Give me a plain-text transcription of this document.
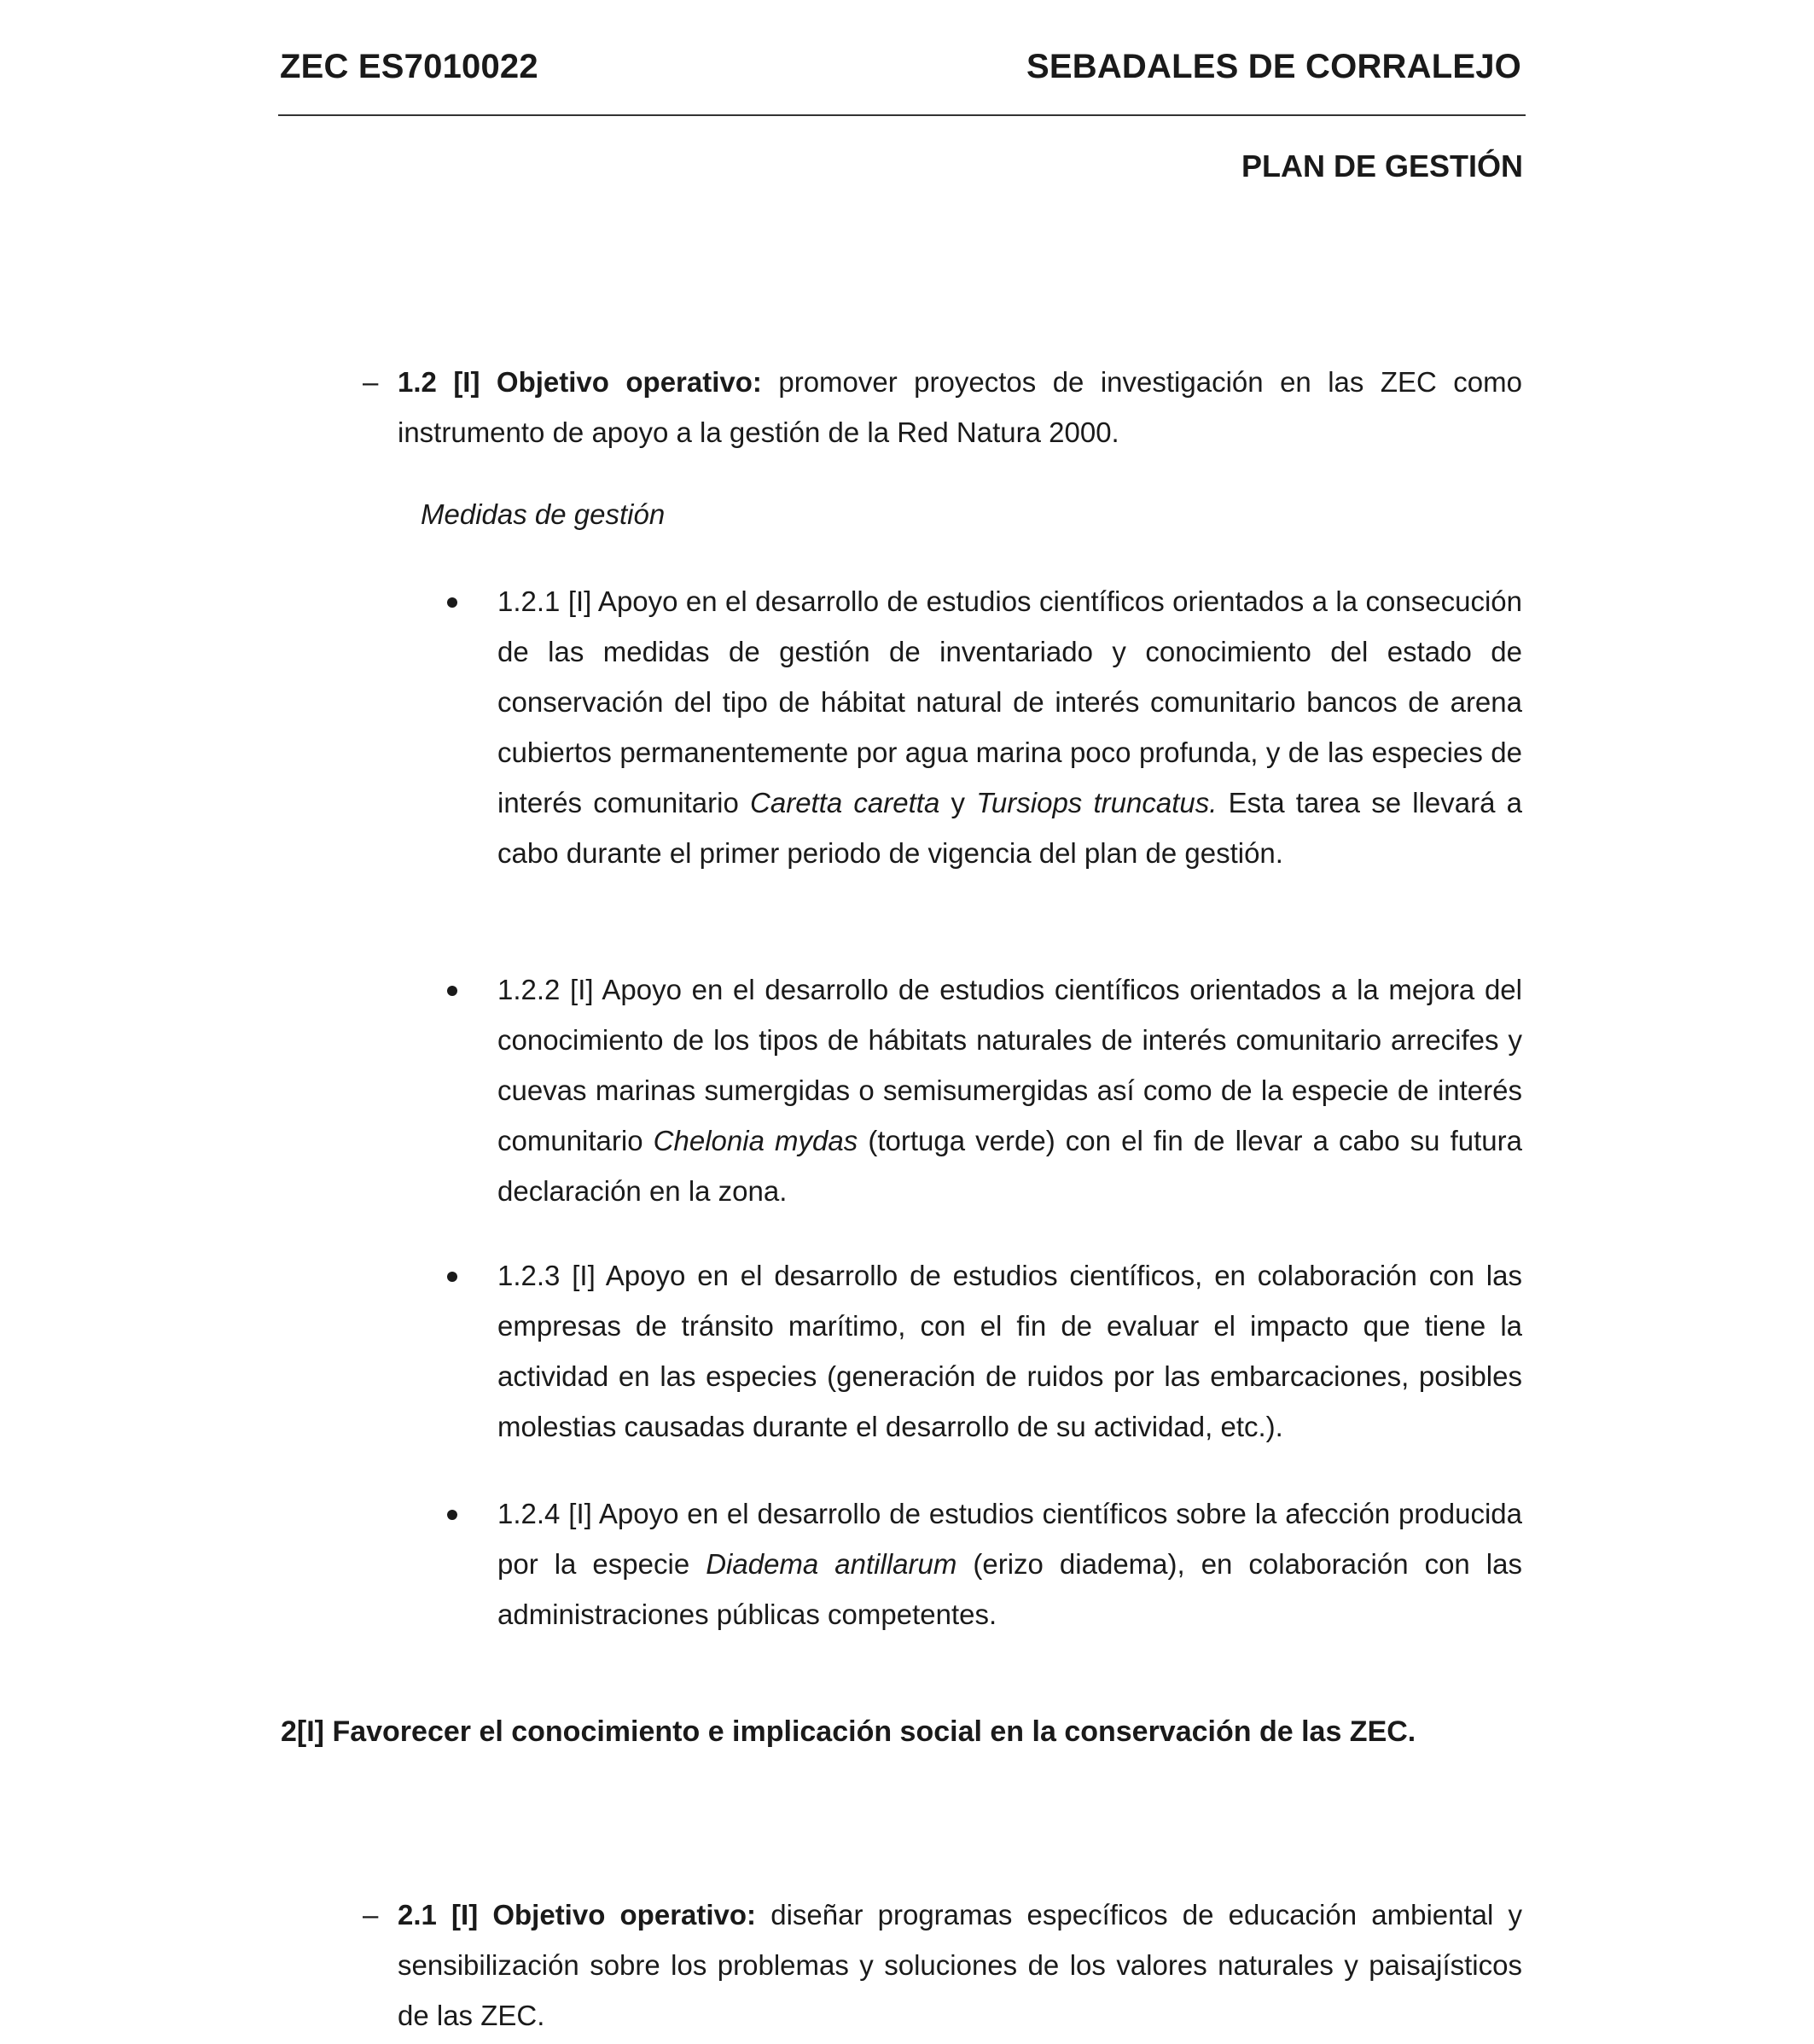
ZEC ES7010022	SEBADALES DE CORRALEJO
PLAN DE GESTIÓN
– 1.2 [I] Objetivo operativo: promover proyectos de investigación en las ZEC como instrumento de apoyo a la gestión de la Red Natura 2000.
Medidas de gestión
1.2.1 [I] Apoyo en el desarrollo de estudios científicos orientados a la consecución de las medidas de gestión de inventariado y conocimiento del estado de conservación del tipo de hábitat natural de interés comunitario bancos de arena cubiertos permanentemente por agua marina poco profunda, y de las especies de interés comunitario Caretta caretta y Tursiops truncatus. Esta tarea se llevará a cabo durante el primer periodo de vigencia del plan de gestión.
1.2.2 [I] Apoyo en el desarrollo de estudios científicos orientados a la mejora del conocimiento de los tipos de hábitats naturales de interés comunitario arrecifes y cuevas marinas sumergidas o semisumergidas así como de la especie de interés comunitario Chelonia mydas (tortuga verde) con el fin de llevar a cabo su futura declaración en la zona.
1.2.3 [I] Apoyo en el desarrollo de estudios científicos, en colaboración con las empresas de tránsito marítimo, con el fin de evaluar el impacto que tiene la actividad en las especies (generación de ruidos por las embarcaciones, posibles molestias causadas durante el desarrollo de su actividad, etc.).
1.2.4 [I] Apoyo en el desarrollo de estudios científicos sobre la afección producida por la especie Diadema antillarum (erizo diadema), en colaboración con las administraciones públicas competentes.
2[I] Favorecer el conocimiento e implicación social en la conservación de las ZEC.
– 2.1 [I] Objetivo operativo: diseñar programas específicos de educación ambiental y sensibilización sobre los problemas y soluciones de los valores naturales y paisajísticos de las ZEC.
